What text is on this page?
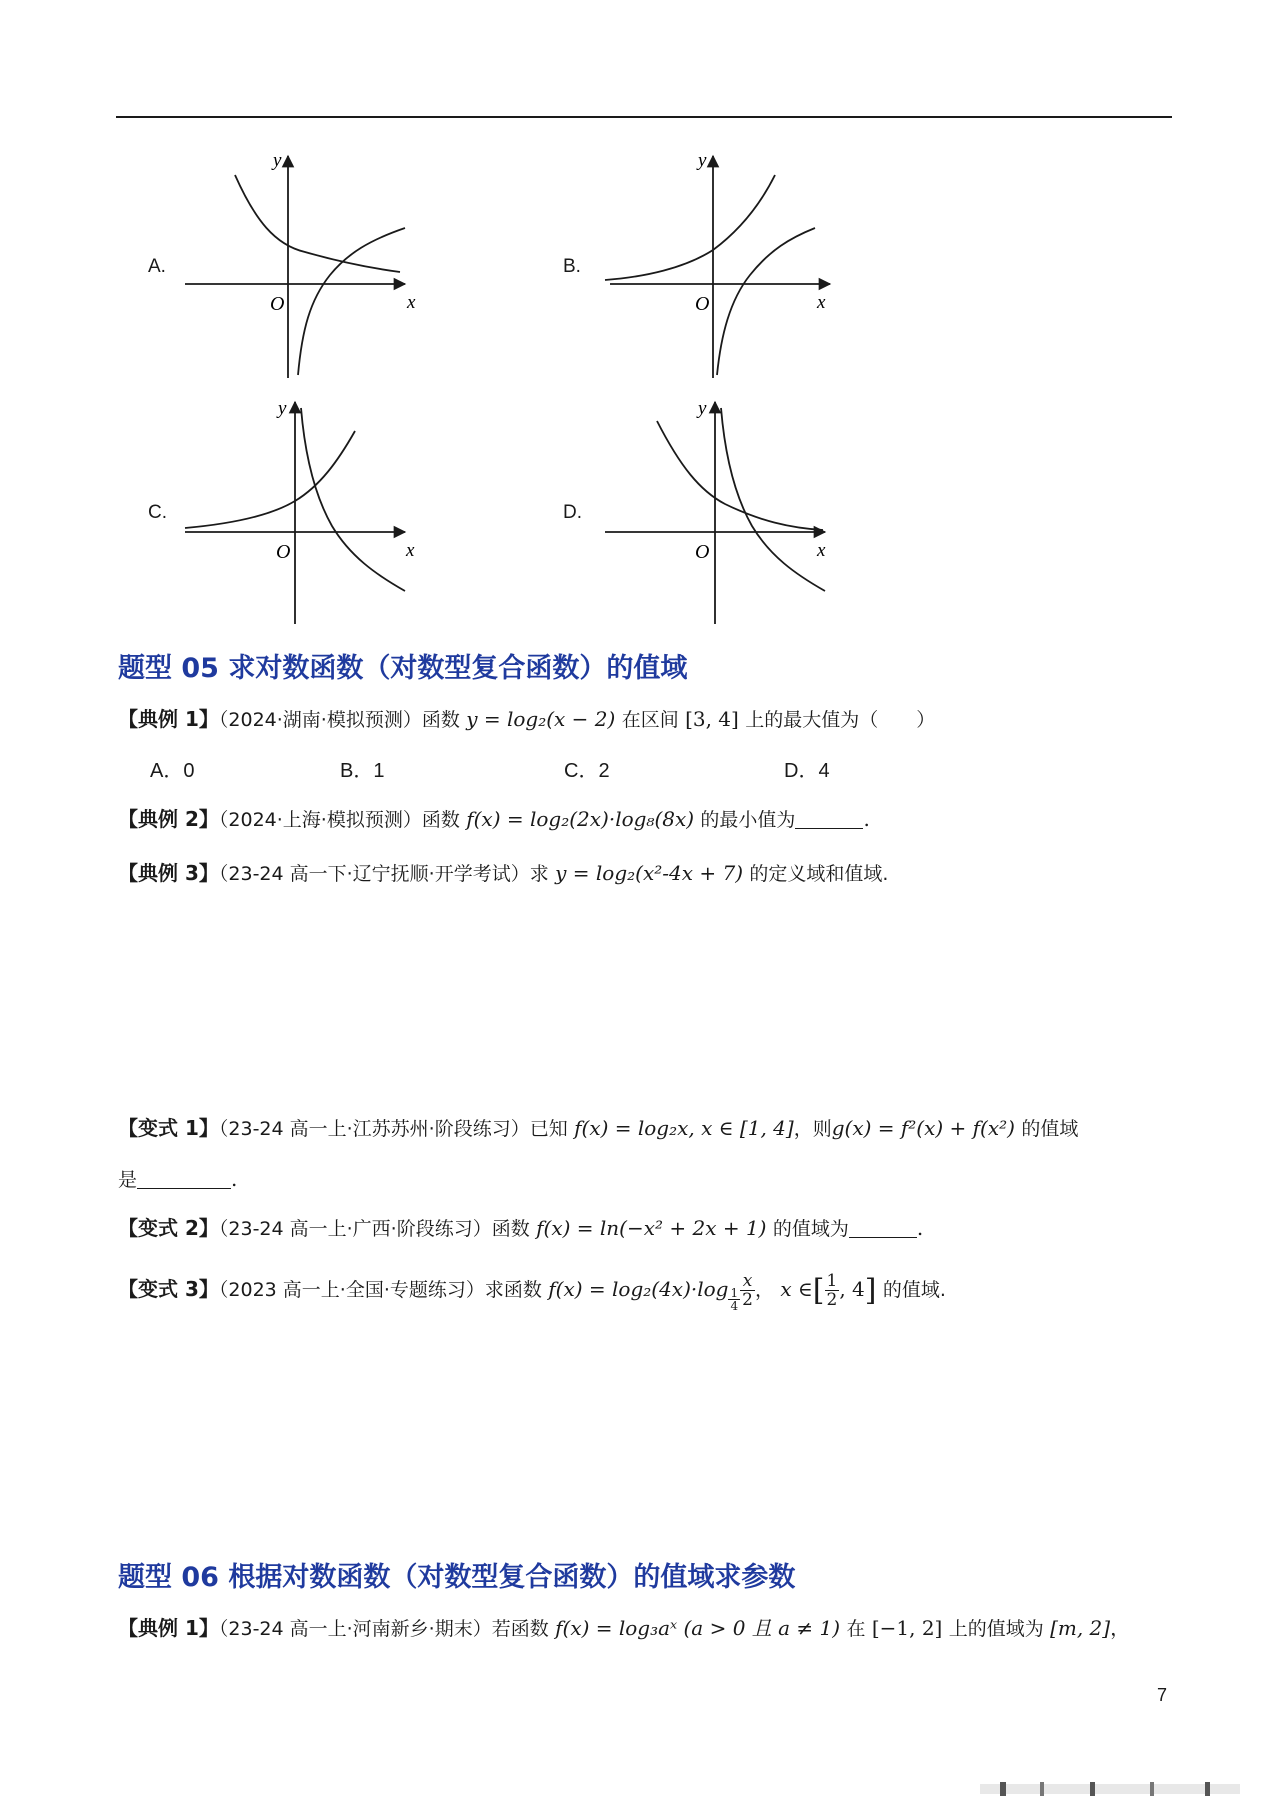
A.
y
O	x
B.
y
O	x
C.
y
O	x
D.
y
O	x
题型 05 求对数函数（对数型复合函数）的值域
【典例 1】（2024·湖南·模拟预测）函数 y = log₂(x − 2) 在区间 [3, 4] 上的最大值为（　　）
A．0	B．1	C．2	D．4
【典例 2】（2024·上海·模拟预测）函数 f(x) = log₂(2x)·log₈(8x) 的最小值为	.
【典例 3】（23-24 高一下·辽宁抚顺·开学考试）求 y = log₂(x²-4x + 7) 的定义域和值域.
【变式 1】（23-24 高一上·江苏苏州·阶段练习）已知 f(x) = log₂x, x ∈ [1, 4]，则g(x) = f²(x) + f(x²) 的值域
是	.
【变式 2】（23-24 高一上·广西·阶段练习）函数 f(x) = ln(−x² + 2x + 1) 的值域为	.
【变式 3】（2023 高一上·全国·专题练习）求函数 $f(x) = \log_2(4x)\cdot\log \frac{1}{4} \frac{x}{2}$ ， x ∈[ $\frac{1}{2}$ , 4] 的值域.
题型 06 根据对数函数（对数型复合函数）的值域求参数
【典例 1】（23-24 高一上·河南新乡·期末）若函数 f(x) = log₃aˣ (a > 0 且 a ≠ 1) 在 [−1, 2] 上的值域为 [m, 2]，
7
